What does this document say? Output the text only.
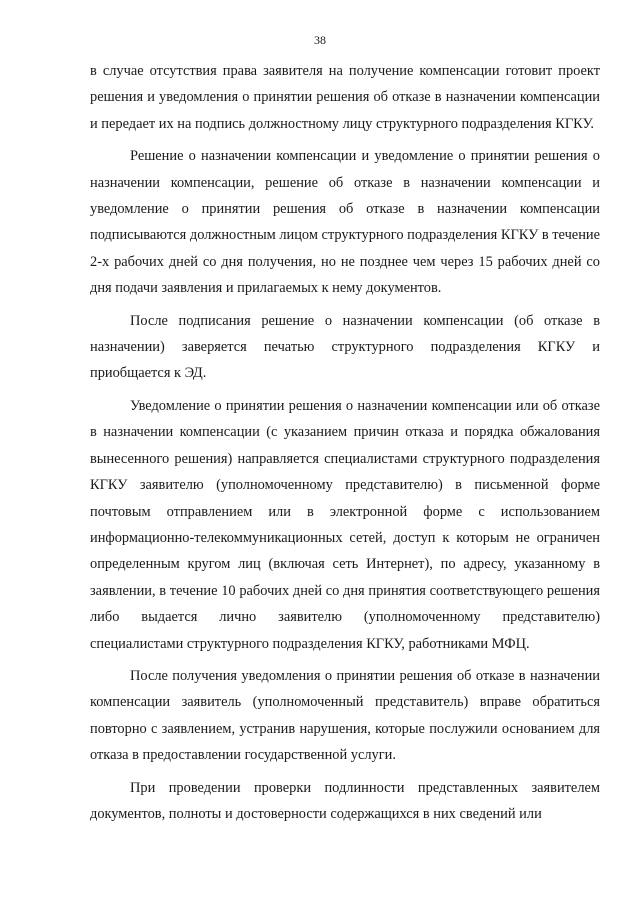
38

в случае отсутствия права заявителя на получение компенсации готовит проект решения и уведомления о принятии решения об отказе в назначении компенсации и передает их на подпись должностному лицу структурного подразделения КГКУ.

Решение о назначении компенсации и уведомление о принятии решения о назначении компенсации, решение об отказе в назначении компенсации и уведомление о принятии решения об отказе в назначении компенсации подписываются должностным лицом структурного подразделения КГКУ в течение 2-х рабочих дней со дня получения, но не позднее чем через 15 рабочих дней со дня подачи заявления и прилагаемых к нему документов.

После подписания решение о назначении компенсации (об отказе в назначении) заверяется печатью структурного подразделения КГКУ и приобщается к ЭД.

Уведомление о принятии решения о назначении компенсации или об отказе в назначении компенсации (с указанием причин отказа и порядка обжалования вынесенного решения) направляется специалистами структурного подразделения КГКУ заявителю (уполномоченному представителю) в письменной форме почтовым отправлением или в электронной форме с использованием информационно-телекоммуникационных сетей, доступ к которым не ограничен определенным кругом лиц (включая сеть Интернет), по адресу, указанному в заявлении, в течение 10 рабочих дней со дня принятия соответствующего решения либо выдается лично заявителю (уполномоченному представителю) специалистами структурного подразделения КГКУ, работниками МФЦ.

После получения уведомления о принятии решения об отказе в назначении компенсации заявитель (уполномоченный представитель) вправе обратиться повторно с заявлением, устранив нарушения, которые послужили основанием для отказа в предоставлении государственной услуги.

При проведении проверки подлинности представленных заявителем документов, полноты и достоверности содержащихся в них сведений или
